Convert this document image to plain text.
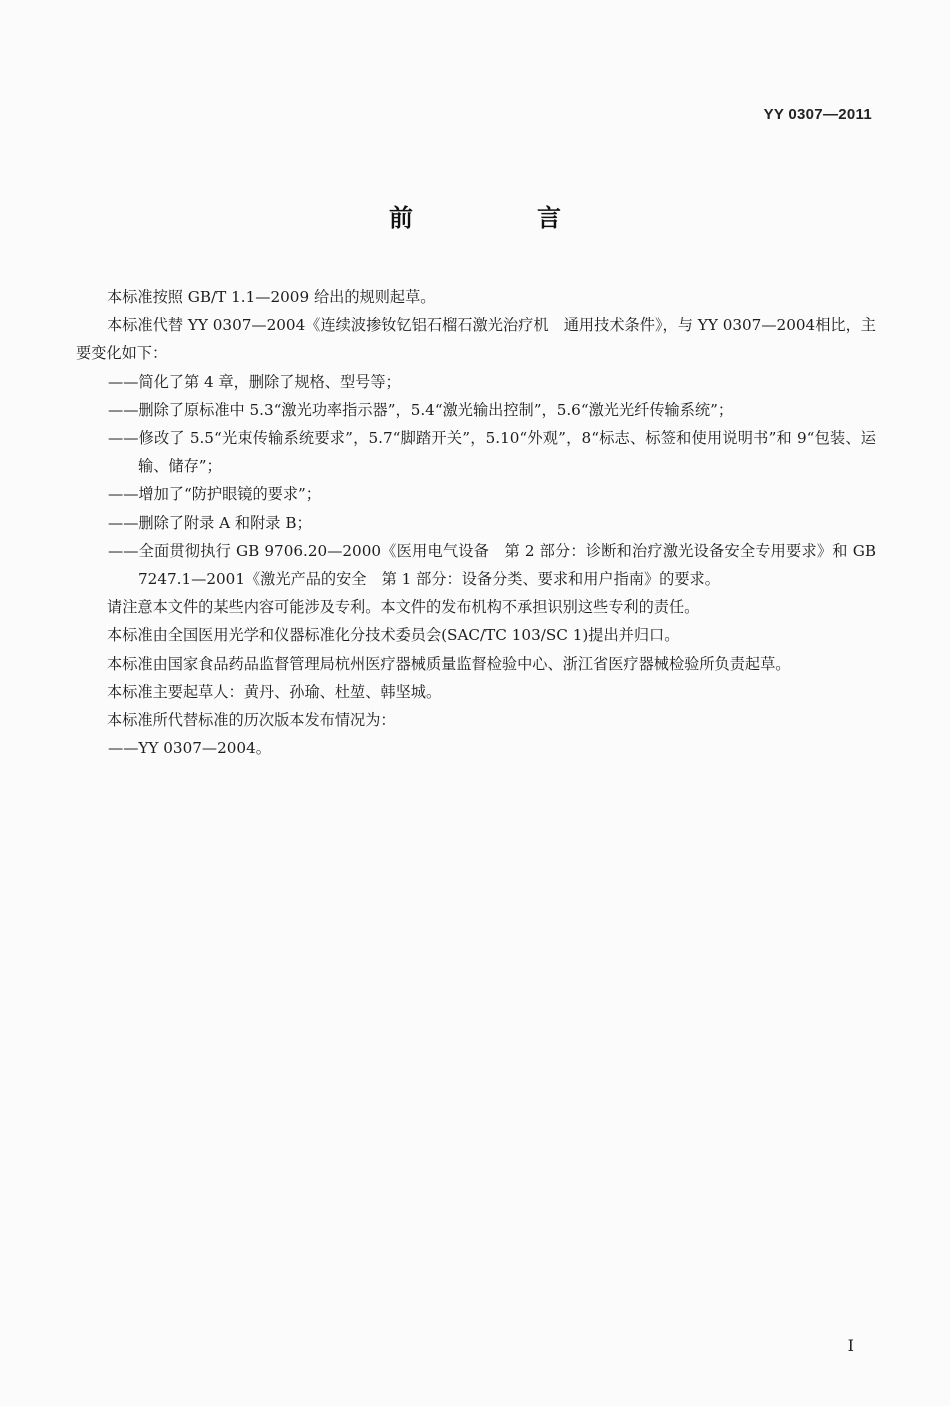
YY 0307—2011
前　言

本标准按照 GB/T 1.1—2009 给出的规则起草。

本标准代替 YY 0307—2004《连续波掺钕钇铝石榴石激光治疗机　通用技术条件》，与 YY 0307—2004相比，主要变化如下：

——简化了第 4 章，删除了规格、型号等；

——删除了原标准中 5.3“激光功率指示器”，5.4“激光输出控制”，5.6“激光光纤传输系统”；

——修改了 5.5“光束传输系统要求”，5.7“脚踏开关”，5.10“外观”，8“标志、标签和使用说明书”和 9“包装、运输、储存”；

——增加了“防护眼镜的要求”；

——删除了附录 A 和附录 B；

——全面贯彻执行 GB 9706.20—2000《医用电气设备　第 2 部分：诊断和治疗激光设备安全专用要求》和 GB 7247.1—2001《激光产品的安全　第 1 部分：设备分类、要求和用户指南》的要求。

请注意本文件的某些内容可能涉及专利。本文件的发布机构不承担识别这些专利的责任。

本标准由全国医用光学和仪器标准化分技术委员会(SAC/TC 103/SC 1)提出并归口。

本标准由国家食品药品监督管理局杭州医疗器械质量监督检验中心、浙江省医疗器械检验所负责起草。

本标准主要起草人：黄丹、孙瑜、杜堃、韩坚城。

本标准所代替标准的历次版本发布情况为：

——YY 0307—2004。

I
